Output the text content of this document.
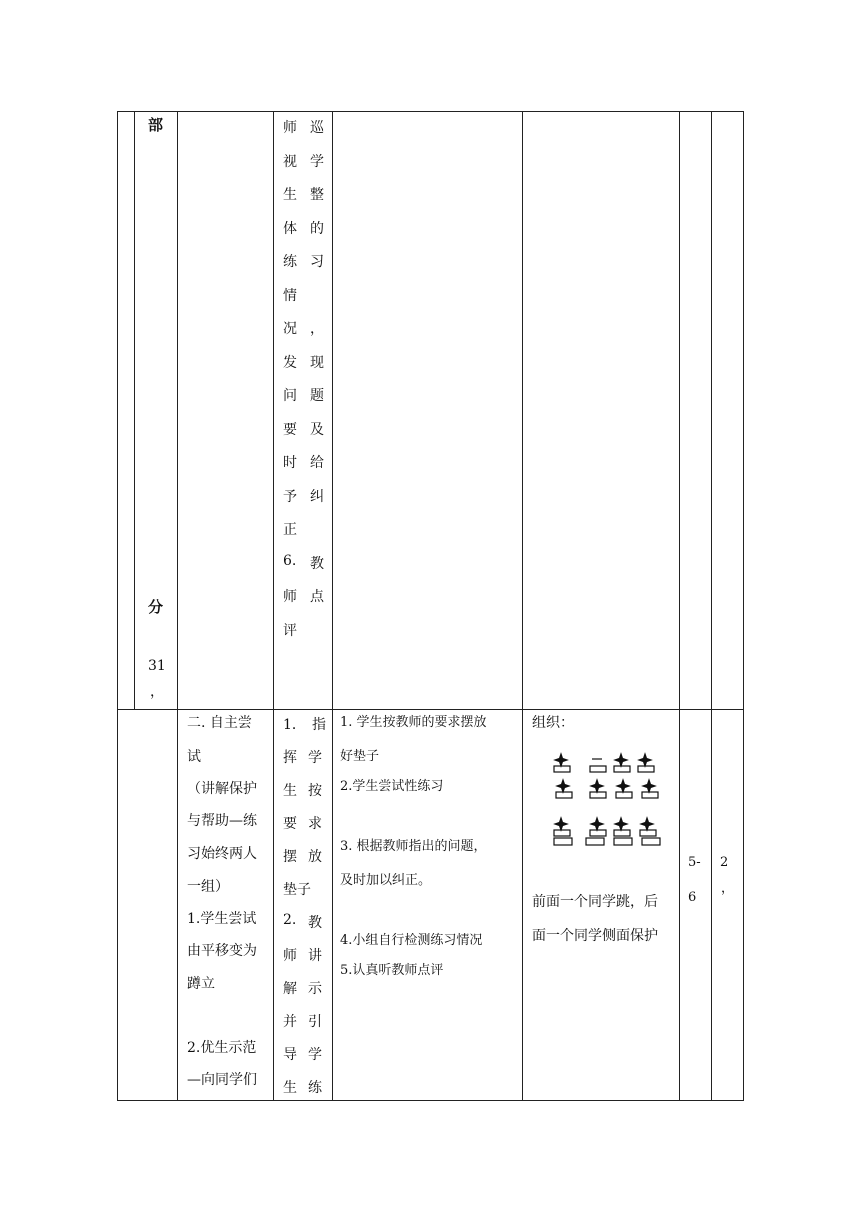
部
分
31
，
师 巡
视 学
生 整
体 的
练 习
情
况 ，
发 现
问 题
要 及
时 给
予 纠
正
6. 教
师 点
评
二. 自主尝
试
（讲解保护
与帮助—练
习始终两人
一组）
1.学生尝试
由平移变为
蹲立
2.优生示范
—向同学们
1． 指
挥 学
生 按
要 求
摆 放
垫子
2. 教
师 讲
解 示
并 引
导 学
生 练
1. 学生按教师的要求摆放
好垫子
2.学生尝试性练习
3. 根据教师指出的问题，
及时加以纠正。
4.小组自行检测练习情况
5.认真听教师点评
组织：
前面一个同学跳，后
面一个同学侧面保护
5-
6
2
，
